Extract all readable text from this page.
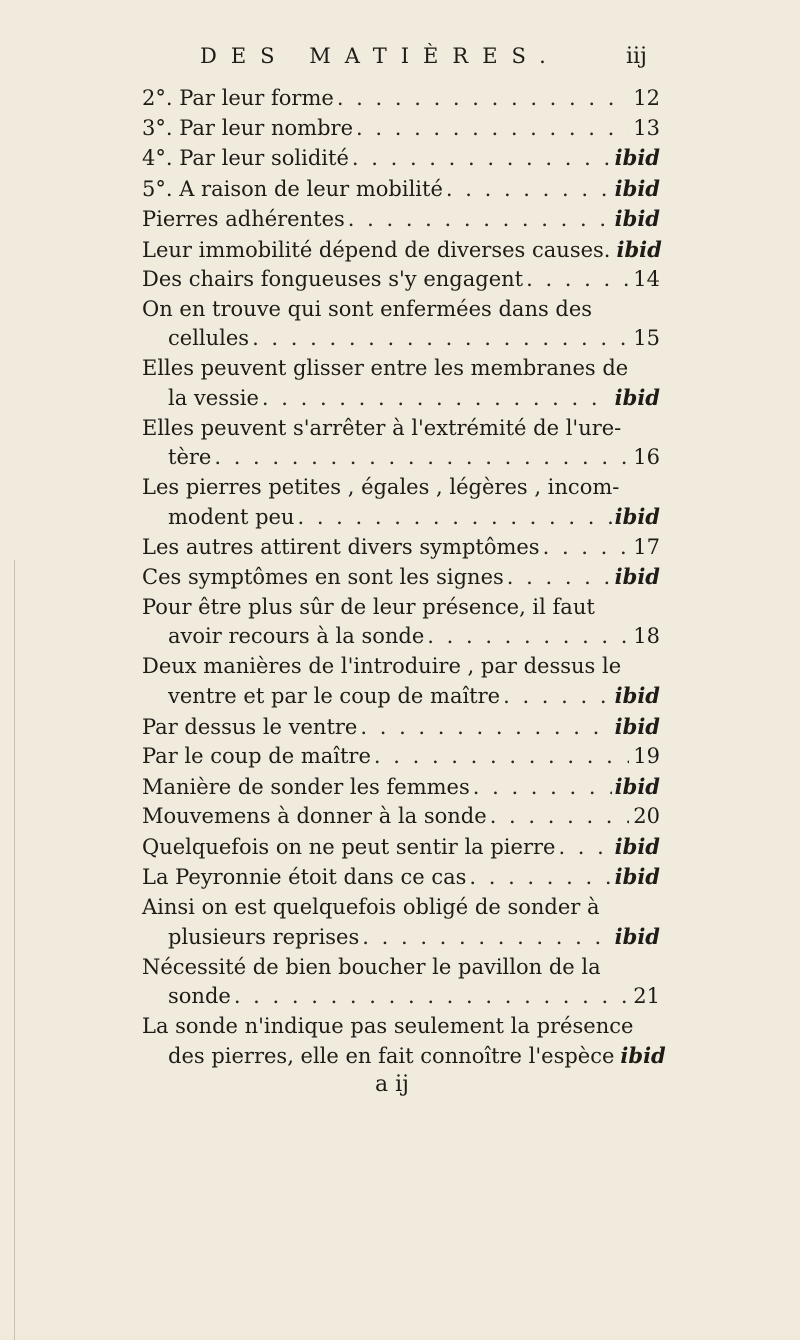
DES MATIÈRES.	iij
2°. Par leur forme . . .	12
3°. Par leur nombre . . .	13
4°. Par leur solidité . . .	ibid
5°. A raison de leur mobilité . . .	ibid
Pierres adhérentes . . .	ibid
Leur immobilité dépend de diverses causes. ibid
Des chairs fongueuses s'y engagent . . .	14
On en trouve qui sont enfermées dans des
cellules . . .	15
Elles peuvent glisser entre les membranes de
la vessie . . .	ibid
Elles peuvent s'arrêter à l'extrémité de l'ure-
tère . . .	16
Les pierres petites , égales , légères , incom-
modent peu . . .	ibid
Les autres attirent divers symptômes . . .	17
Ces symptômes en sont les signes . . .	ibid
Pour être plus sûr de leur présence, il faut
avoir recours à la sonde . . .	18
Deux manières de l'introduire , par dessus le
ventre et par le coup de maître . . .	ibid
Par dessus le ventre . . .	ibid
Par le coup de maître . . .	19
Manière de sonder les femmes . . .	ibid
Mouvemens à donner à la sonde . . .	20
Quelquefois on ne peut sentir la pierre . . .	ibid
La Peyronnie étoit dans ce cas . . .	ibid
Ainsi on est quelquefois obligé de sonder à
plusieurs reprises . . .	ibid
Nécessité de bien boucher le pavillon de la
sonde . . .	21
La sonde n'indique pas seulement la présence
des pierres, elle en fait connoître l'espèce ibid
a ij
